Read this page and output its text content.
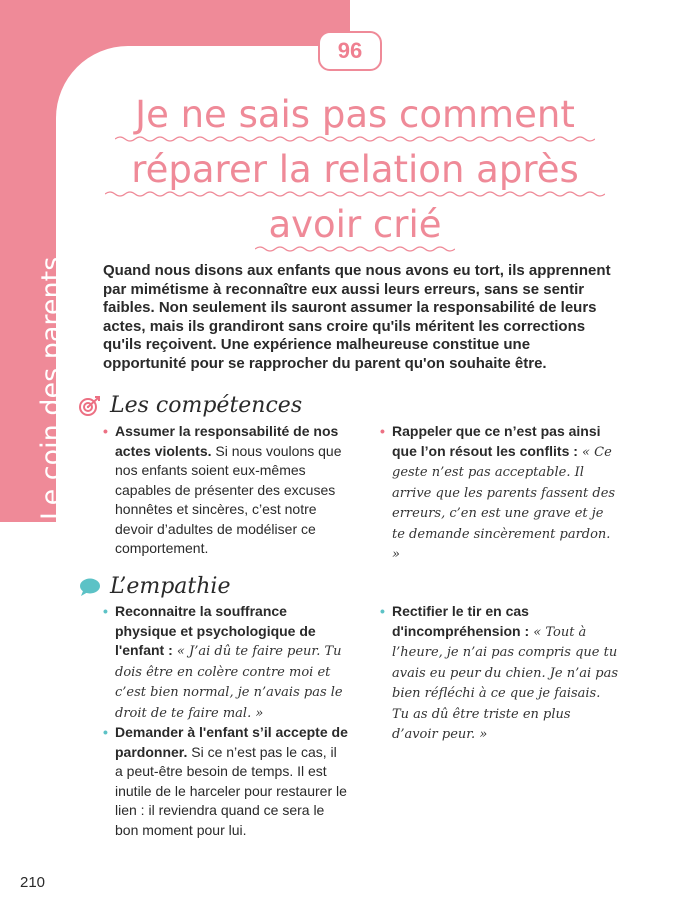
Le coin des parents
96
Je ne sais pas comment
réparer la relation après
avoir crié

Quand nous disons aux enfants que nous avons eu tort, ils apprennent par mimétisme à reconnaître eux aussi leurs erreurs, sans se sentir faibles. Non seulement ils sauront assumer la responsabilité de leurs actes, mais ils grandiront sans croire qu'ils méritent les corrections qu'ils reçoivent. Une expérience malheureuse constitue une opportunité pour se rapprocher du parent qu'on souhaite être.

Les compétences
• Assumer la responsabilité de nos actes violents. Si nous voulons que nos enfants soient eux-mêmes capables de présenter des excuses honnêtes et sincères, c’est notre devoir d’adultes de modéliser ce comportement.
• Rappeler que ce n’est pas ainsi que l’on résout les conflits : « Ce geste n’est pas acceptable. Il arrive que les parents fassent des erreurs, c’en est une grave et je te demande sincèrement pardon. »
L’empathie
• Reconnaitre la souffrance physique et psychologique de l'enfant : « J’ai dû te faire peur. Tu dois être en colère contre moi et c’est bien normal, je n’avais pas le droit de te faire mal. »
• Demander à l'enfant s’il accepte de pardonner. Si ce n’est pas le cas, il a peut-être besoin de temps. Il est inutile de le harceler pour restaurer le lien : il reviendra quand ce sera le bon moment pour lui.
• Rectifier le tir en cas d'incompréhension : « Tout à l’heure, je n’ai pas compris que tu avais eu peur du chien. Je n’ai pas bien réfléchi à ce que je faisais. Tu as dû être triste en plus d’avoir peur. »
210
